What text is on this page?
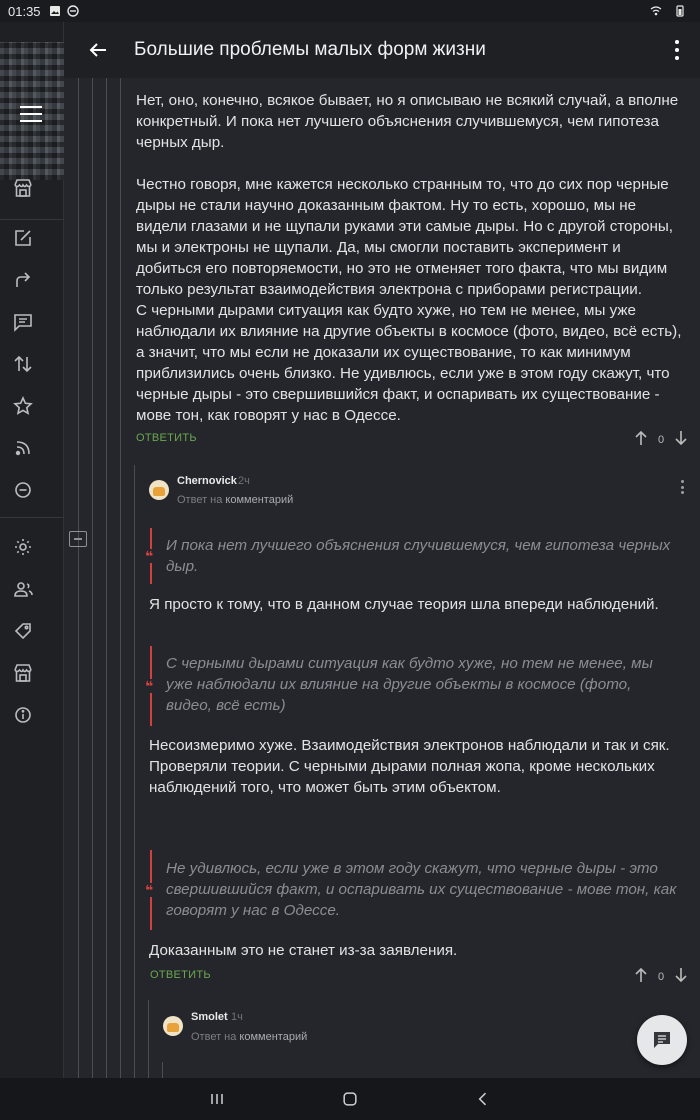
01:35
Большие проблемы малых форм жизни

Нет, оно, конечно, всякое бывает, но я описываю не всякий случай, а вполне конкретный. И пока нет лучшего объяснения случившемуся, чем гипотеза черных дыр.

Честно говоря, мне кажется несколько странным то, что до сих пор черные дыры не стали научно доказанным фактом. Ну то есть, хорошо, мы не видели глазами и не щупали руками эти самые дыры. Но с другой стороны, мы и электроны не щупали. Да, мы смогли поставить эксперимент и добиться его повторяемости, но это не отменяет того факта, что мы видим только результат взаимодействия электрона с приборами регистрации.

С черными дырами ситуация как будто хуже, но тем не менее, мы уже наблюдали их влияние на другие объекты в космосе (фото, видео, всё есть), а значит, что мы если не доказали их существование, то как минимум приблизились очень близко. Не удивлюсь, если уже в этом году скажут, что черные дыры - это свершившийся факт, и оспаривать их существование - мове тон, как говорят у нас в Одессе.

ОТВЕТИТЬ	0
Chernovick 2ч
Ответ на комментарий
❝
И пока нет лучшего объяснения случившемуся, чем гипотеза черных дыр.
Я просто к тому, что в данном случае теория шла впереди наблюдений.
❝
С черными дырами ситуация как будто хуже, но тем не менее, мы уже наблюдали их влияние на другие объекты в космосе (фото, видео, всё есть)
Несоизмеримо хуже. Взаимодействия электронов наблюдали и так и сяк. Проверяли теории. С черными дырами полная жопа, кроме нескольких наблюдений того, что может быть этим объектом.
❝
Не удивлюсь, если уже в этом году скажут, что черные дыры - это свершившийся факт, и оспаривать их существование - мове тон, как говорят у нас в Одессе.
Доказанным это не станет из-за заявления.
ОТВЕТИТЬ	0
Smolet 1ч
Ответ на комментарий
